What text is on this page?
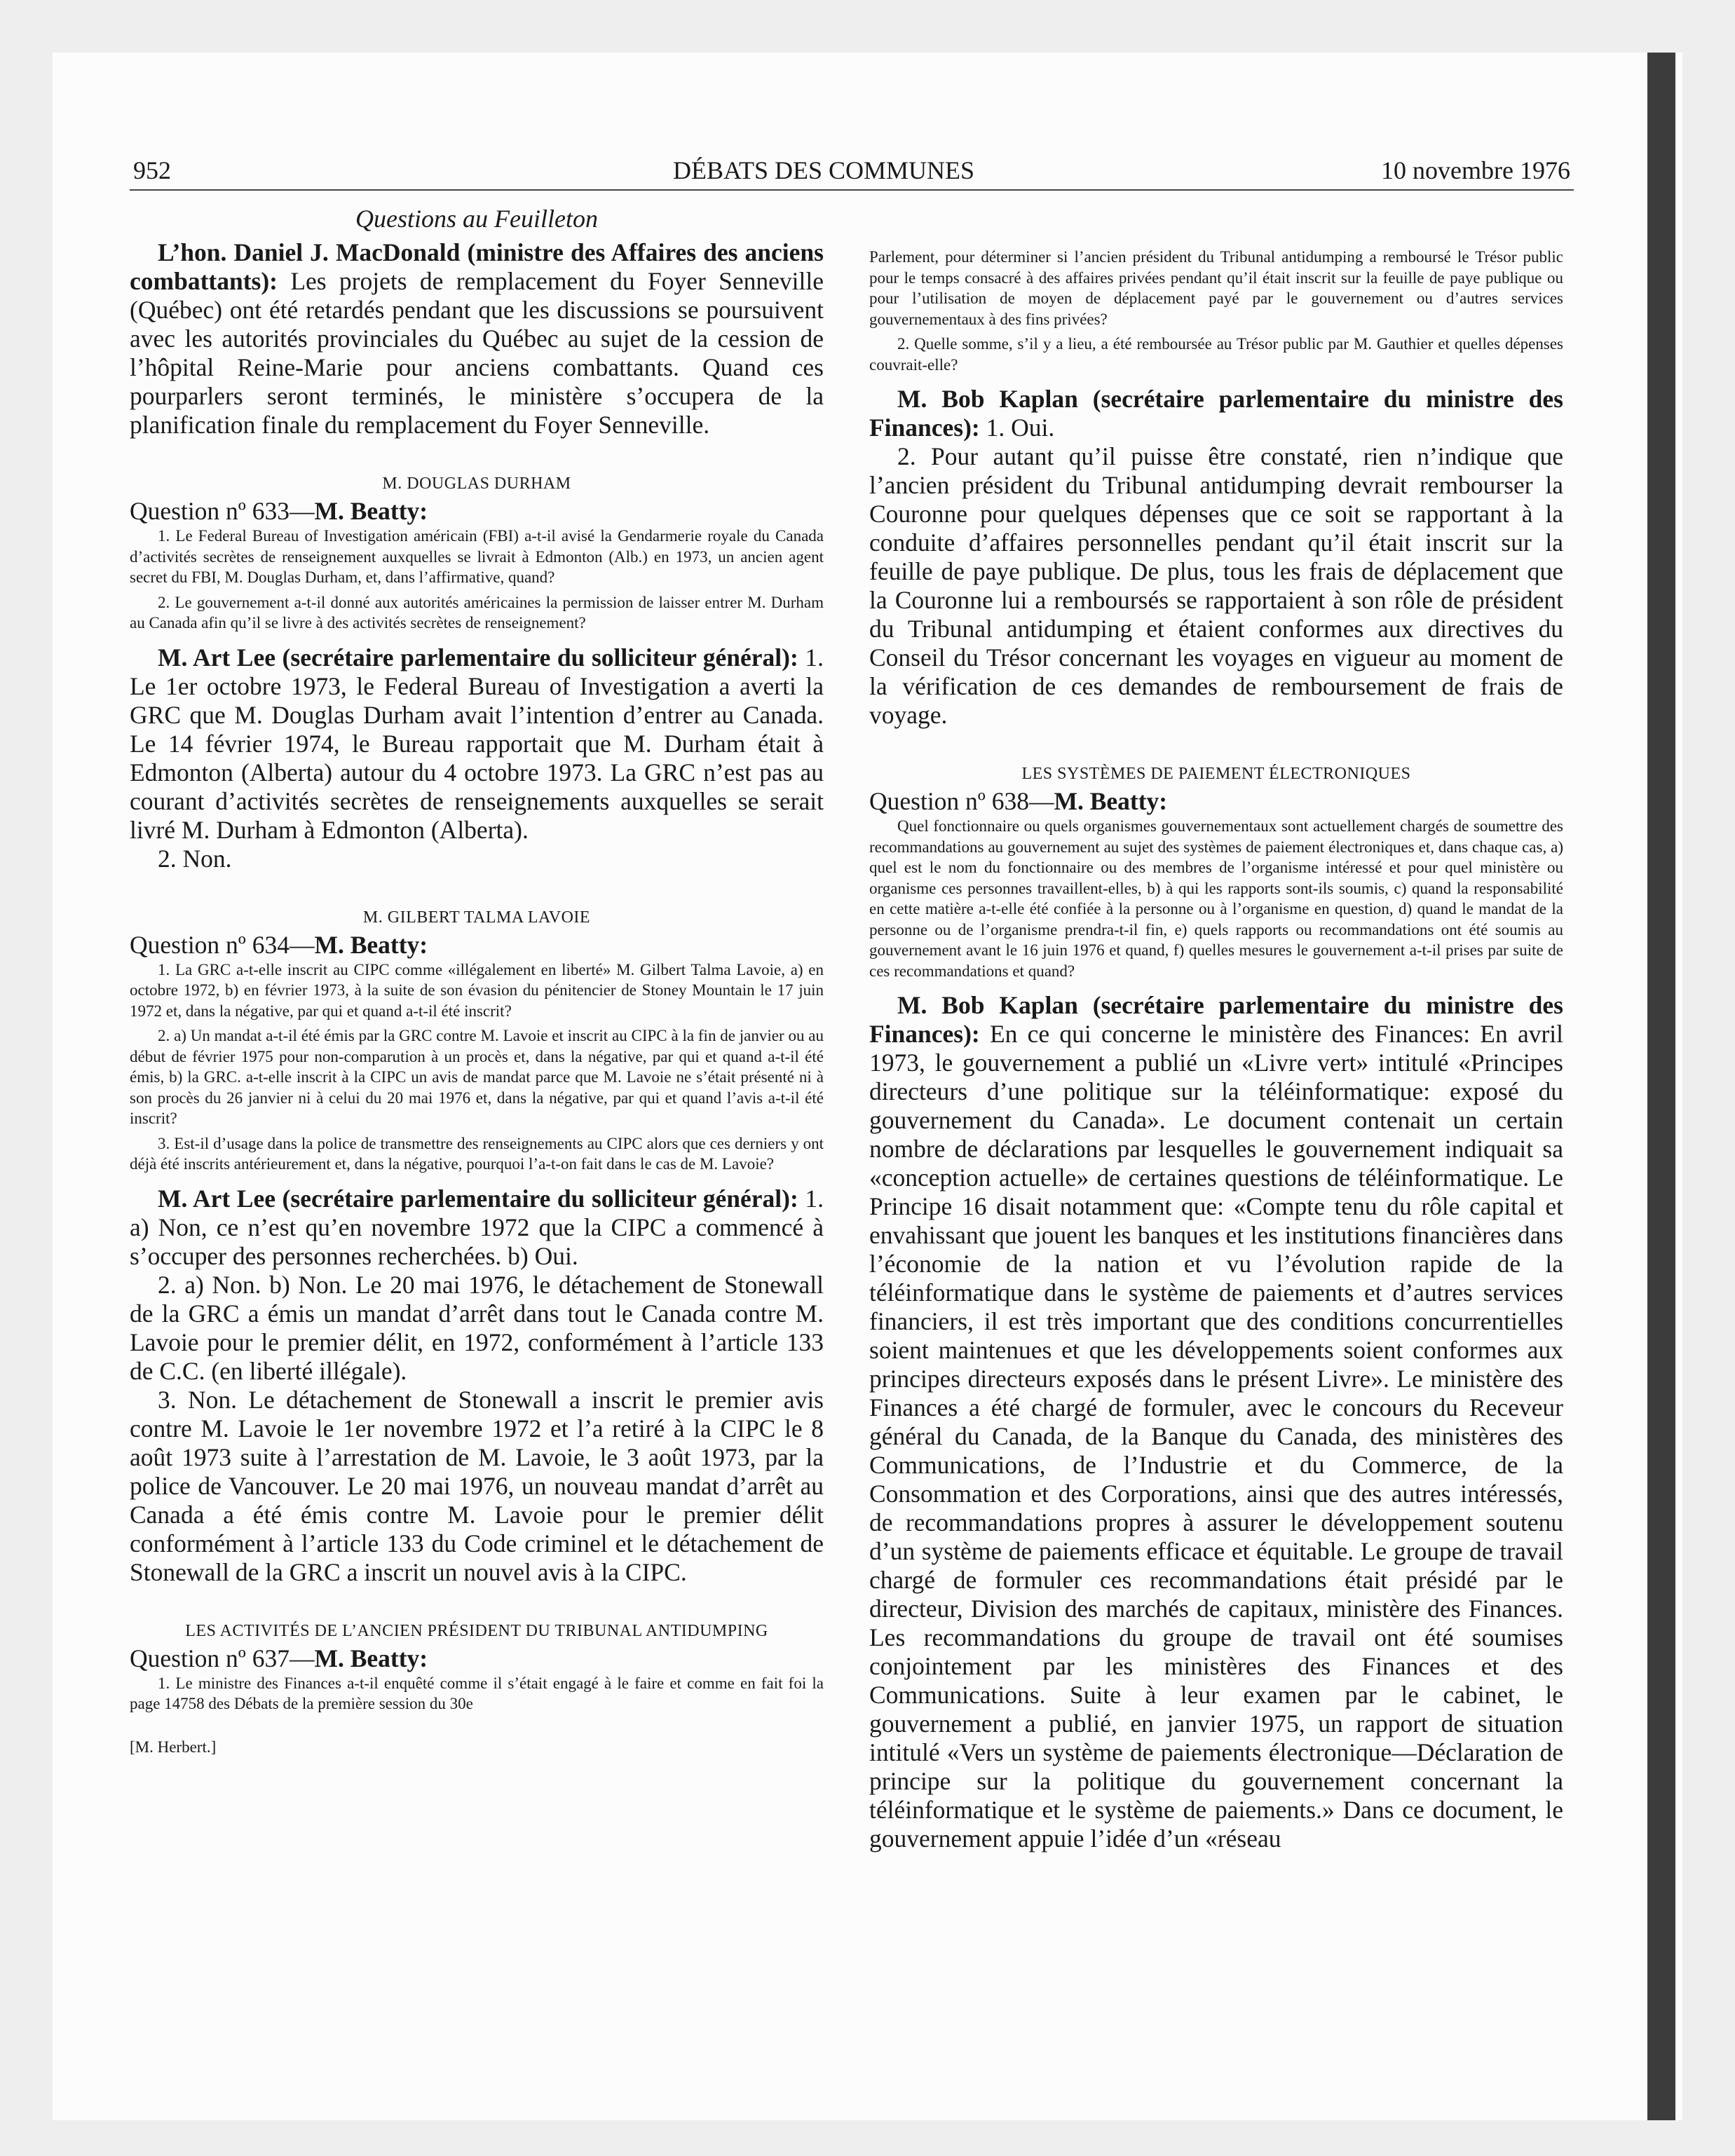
952	DÉBATS DES COMMUNES	10 novembre 1976

Questions au Feuilleton

L’hon. Daniel J. MacDonald (ministre des Affaires des anciens combattants): Les projets de remplacement du Foyer Senneville (Québec) ont été retardés pendant que les discussions se poursuivent avec les autorités provinciales du Québec au sujet de la cession de l’hôpital Reine-Marie pour anciens combattants. Quand ces pourparlers seront terminés, le ministère s’occupera de la planification finale du remplacement du Foyer Senneville.

M. DOUGLAS DURHAM

Question nº 633—M. Beatty:

1. Le Federal Bureau of Investigation américain (FBI) a-t-il avisé la Gendarmerie royale du Canada d’activités secrètes de renseignement auxquelles se livrait à Edmonton (Alb.) en 1973, un ancien agent secret du FBI, M. Douglas Durham, et, dans l’affirmative, quand?

2. Le gouvernement a-t-il donné aux autorités américaines la permission de laisser entrer M. Durham au Canada afin qu’il se livre à des activités secrètes de renseignement?

M. Art Lee (secrétaire parlementaire du solliciteur général): 1. Le 1er octobre 1973, le Federal Bureau of Investigation a averti la GRC que M. Douglas Durham avait l’intention d’entrer au Canada. Le 14 février 1974, le Bureau rapportait que M. Durham était à Edmonton (Alberta) autour du 4 octobre 1973. La GRC n’est pas au courant d’activités secrètes de renseignements auxquelles se serait livré M. Durham à Edmonton (Alberta).

2. Non.

M. GILBERT TALMA LAVOIE

Question nº 634—M. Beatty:

1. La GRC a-t-elle inscrit au CIPC comme «illégalement en liberté» M. Gilbert Talma Lavoie, a) en octobre 1972, b) en février 1973, à la suite de son évasion du pénitencier de Stoney Mountain le 17 juin 1972 et, dans la négative, par qui et quand a-t-il été inscrit?

2. a) Un mandat a-t-il été émis par la GRC contre M. Lavoie et inscrit au CIPC à la fin de janvier ou au début de février 1975 pour non-comparution à un procès et, dans la négative, par qui et quand a-t-il été émis, b) la GRC. a-t-elle inscrit à la CIPC un avis de mandat parce que M. Lavoie ne s’était présenté ni à son procès du 26 janvier ni à celui du 20 mai 1976 et, dans la négative, par qui et quand l’avis a-t-il été inscrit?

3. Est-il d’usage dans la police de transmettre des renseignements au CIPC alors que ces derniers y ont déjà été inscrits antérieurement et, dans la négative, pourquoi l’a-t-on fait dans le cas de M. Lavoie?

M. Art Lee (secrétaire parlementaire du solliciteur général): 1. a) Non, ce n’est qu’en novembre 1972 que la CIPC a commencé à s’occuper des personnes recherchées. b) Oui.

2. a) Non. b) Non. Le 20 mai 1976, le détachement de Stonewall de la GRC a émis un mandat d’arrêt dans tout le Canada contre M. Lavoie pour le premier délit, en 1972, conformément à l’article 133 de C.C. (en liberté illégale).

3. Non. Le détachement de Stonewall a inscrit le premier avis contre M. Lavoie le 1er novembre 1972 et l’a retiré à la CIPC le 8 août 1973 suite à l’arrestation de M. Lavoie, le 3 août 1973, par la police de Vancouver. Le 20 mai 1976, un nouveau mandat d’arrêt au Canada a été émis contre M. Lavoie pour le premier délit conformément à l’article 133 du Code criminel et le détachement de Stonewall de la GRC a inscrit un nouvel avis à la CIPC.

LES ACTIVITÉS DE L’ANCIEN PRÉSIDENT DU TRIBUNAL ANTIDUMPING

Question nº 637—M. Beatty:

1. Le ministre des Finances a-t-il enquêté comme il s’était engagé à le faire et comme en fait foi la page 14758 des Débats de la première session du 30e

[M. Herbert.]

Parlement, pour déterminer si l’ancien président du Tribunal antidumping a remboursé le Trésor public pour le temps consacré à des affaires privées pendant qu’il était inscrit sur la feuille de paye publique ou pour l’utilisation de moyen de déplacement payé par le gouvernement ou d’autres services gouvernementaux à des fins privées?

2. Quelle somme, s’il y a lieu, a été remboursée au Trésor public par M. Gauthier et quelles dépenses couvrait-elle?

M. Bob Kaplan (secrétaire parlementaire du ministre des Finances): 1. Oui.

2. Pour autant qu’il puisse être constaté, rien n’indique que l’ancien président du Tribunal antidumping devrait rembourser la Couronne pour quelques dépenses que ce soit se rapportant à la conduite d’affaires personnelles pendant qu’il était inscrit sur la feuille de paye publique. De plus, tous les frais de déplacement que la Couronne lui a remboursés se rapportaient à son rôle de président du Tribunal antidumping et étaient conformes aux directives du Conseil du Trésor concernant les voyages en vigueur au moment de la vérification de ces demandes de remboursement de frais de voyage.

LES SYSTÈMES DE PAIEMENT ÉLECTRONIQUES

Question nº 638—M. Beatty:

Quel fonctionnaire ou quels organismes gouvernementaux sont actuellement chargés de soumettre des recommandations au gouvernement au sujet des systèmes de paiement électroniques et, dans chaque cas, a) quel est le nom du fonctionnaire ou des membres de l’organisme intéressé et pour quel ministère ou organisme ces personnes travaillent-elles, b) à qui les rapports sont-ils soumis, c) quand la responsabilité en cette matière a-t-elle été confiée à la personne ou à l’organisme en question, d) quand le mandat de la personne ou de l’organisme prendra-t-il fin, e) quels rapports ou recommandations ont été soumis au gouvernement avant le 16 juin 1976 et quand, f) quelles mesures le gouvernement a-t-il prises par suite de ces recommandations et quand?

M. Bob Kaplan (secrétaire parlementaire du ministre des Finances): En ce qui concerne le ministère des Finances: En avril 1973, le gouvernement a publié un «Livre vert» intitulé «Principes directeurs d’une politique sur la téléinformatique: exposé du gouvernement du Canada». Le document contenait un certain nombre de déclarations par lesquelles le gouvernement indiquait sa «conception actuelle» de certaines questions de téléinformatique. Le Principe 16 disait notamment que: «Compte tenu du rôle capital et envahissant que jouent les banques et les institutions financières dans l’économie de la nation et vu l’évolution rapide de la téléinformatique dans le système de paiements et d’autres services financiers, il est très important que des conditions concurrentielles soient maintenues et que les développements soient conformes aux principes directeurs exposés dans le présent Livre». Le ministère des Finances a été chargé de formuler, avec le concours du Receveur général du Canada, de la Banque du Canada, des ministères des Communications, de l’Industrie et du Commerce, de la Consommation et des Corporations, ainsi que des autres intéressés, de recommandations propres à assurer le développement soutenu d’un système de paiements efficace et équitable. Le groupe de travail chargé de formuler ces recommandations était présidé par le directeur, Division des marchés de capitaux, ministère des Finances. Les recommandations du groupe de travail ont été soumises conjointement par les ministères des Finances et des Communications. Suite à leur examen par le cabinet, le gouvernement a publié, en janvier 1975, un rapport de situation intitulé «Vers un système de paiements électronique—Déclaration de principe sur la politique du gouvernement concernant la téléinformatique et le système de paiements.» Dans ce document, le gouvernement appuie l’idée d’un «réseau
